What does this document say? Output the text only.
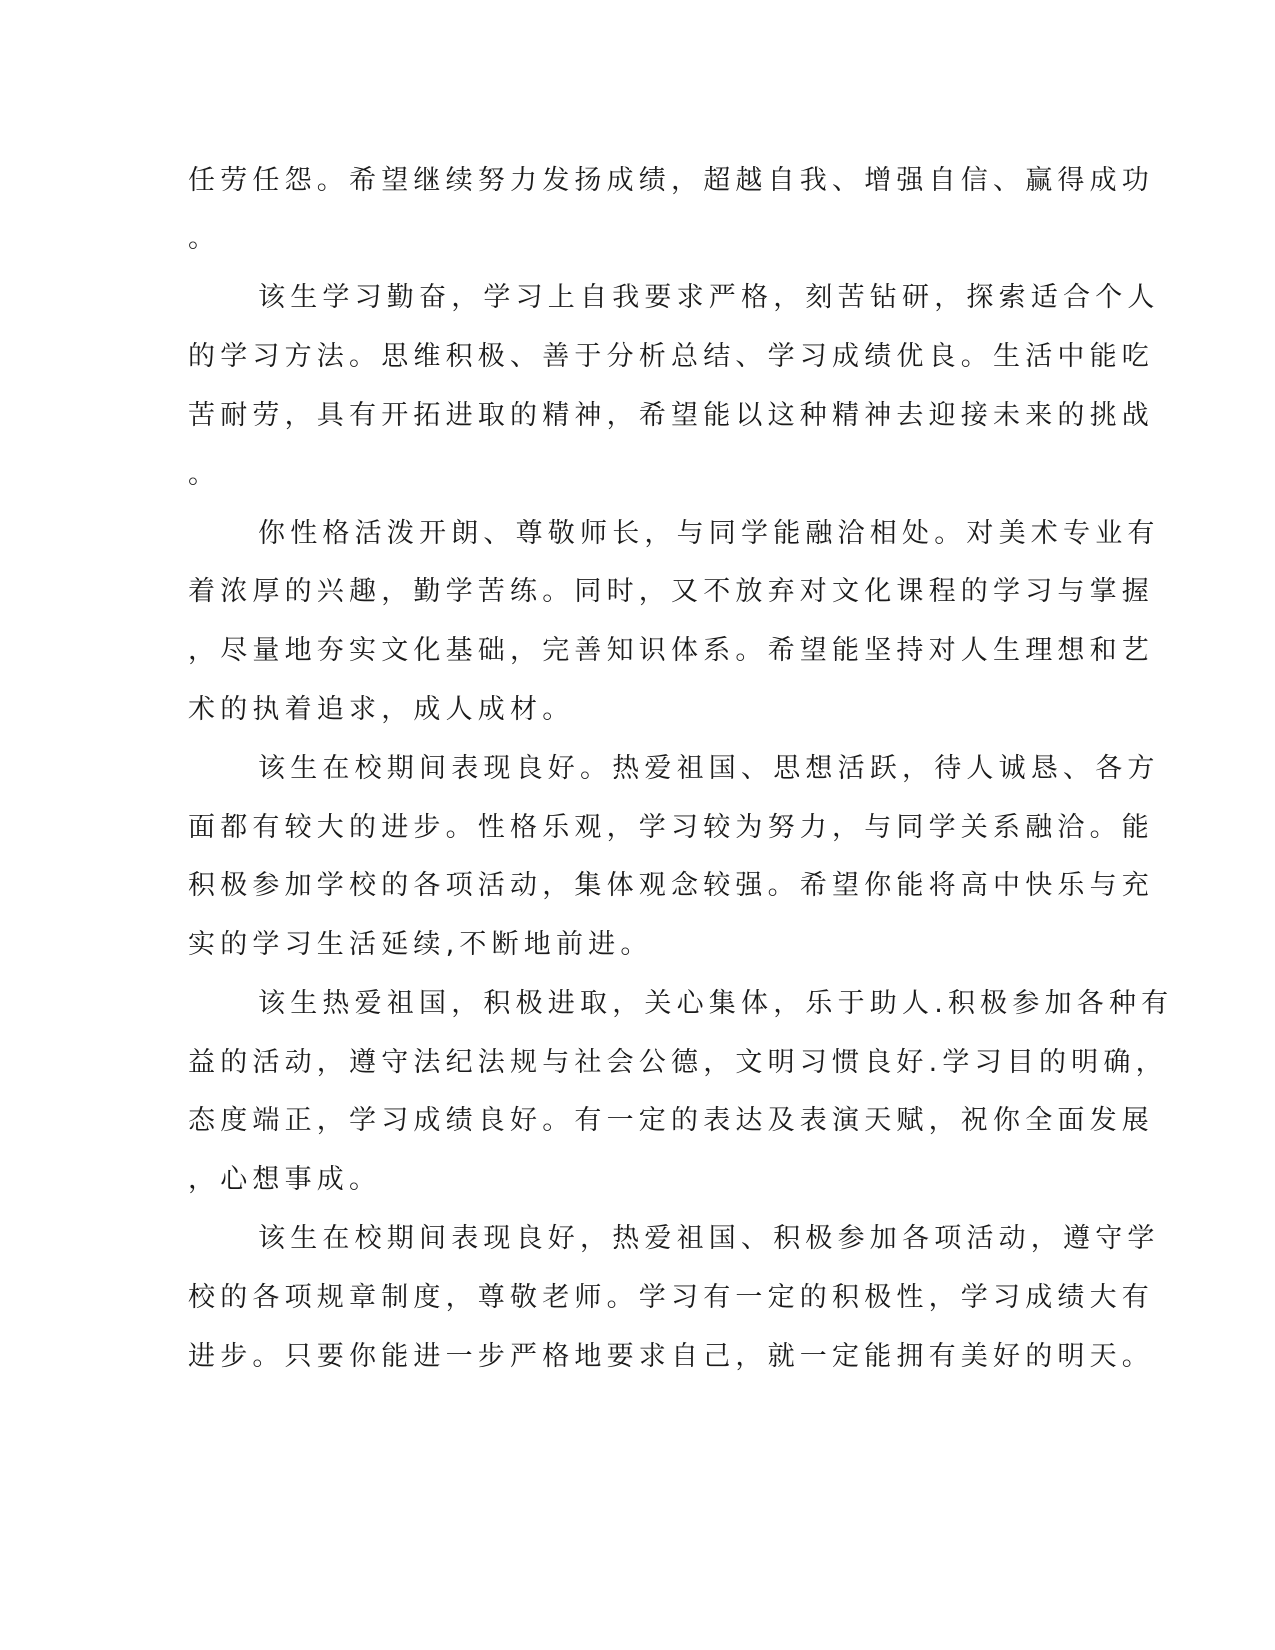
任劳任怨。希望继续努力发扬成绩，超越自我、增强自信、赢得成功

。

该生学习勤奋，学习上自我要求严格，刻苦钻研，探索适合个人

的学习方法。思维积极、善于分析总结、学习成绩优良。生活中能吃

苦耐劳，具有开拓进取的精神，希望能以这种精神去迎接未来的挑战

。

你性格活泼开朗、尊敬师长，与同学能融洽相处。对美术专业有

着浓厚的兴趣，勤学苦练。同时，又不放弃对文化课程的学习与掌握

，尽量地夯实文化基础，完善知识体系。希望能坚持对人生理想和艺

术的执着追求，成人成材。

该生在校期间表现良好。热爱祖国、思想活跃，待人诚恳、各方

面都有较大的进步。性格乐观，学习较为努力，与同学关系融洽。能

积极参加学校的各项活动，集体观念较强。希望你能将高中快乐与充

实的学习生活延续,不断地前进。

该生热爱祖国，积极进取，关心集体，乐于助人.积极参加各种有

益的活动，遵守法纪法规与社会公德，文明习惯良好.学习目的明确，

态度端正，学习成绩良好。有一定的表达及表演天赋，祝你全面发展

，心想事成。

该生在校期间表现良好，热爱祖国、积极参加各项活动，遵守学

校的各项规章制度，尊敬老师。学习有一定的积极性，学习成绩大有

进步。只要你能进一步严格地要求自己，就一定能拥有美好的明天。
